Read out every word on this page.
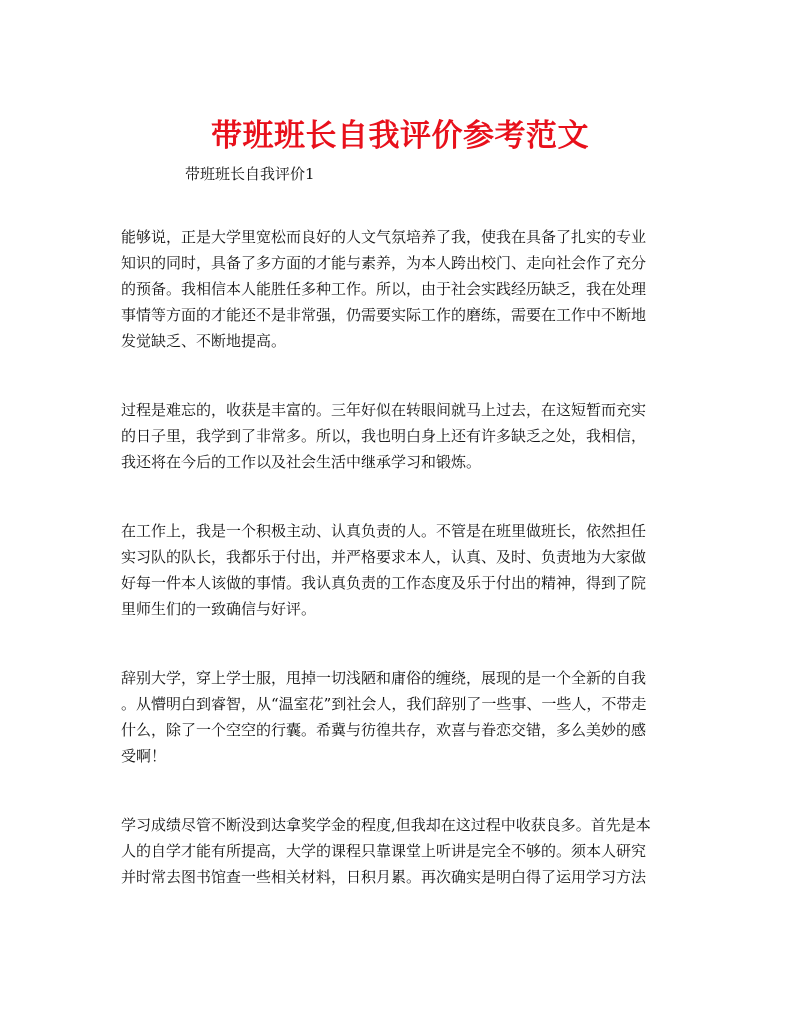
带班班长自我评价参考范文

带班班长自我评价1

能够说，正是大学里宽松而良好的人文气氛培养了我，使我在具备了扎实的专业
知识的同时，具备了多方面的才能与素养，为本人跨出校门、走向社会作了充分
的预备。我相信本人能胜任多种工作。所以，由于社会实践经历缺乏，我在处理
事情等方面的才能还不是非常强，仍需要实际工作的磨练，需要在工作中不断地
发觉缺乏、不断地提高。

过程是难忘的，收获是丰富的。三年好似在转眼间就马上过去，在这短暂而充实
的日子里，我学到了非常多。所以，我也明白身上还有许多缺乏之处，我相信，
我还将在今后的工作以及社会生活中继承学习和锻炼。

在工作上，我是一个积极主动、认真负责的人。不管是在班里做班长，依然担任
实习队的队长，我都乐于付出，并严格要求本人，认真、及时、负责地为大家做
好每一件本人该做的事情。我认真负责的工作态度及乐于付出的精神，得到了院
里师生们的一致确信与好评。

辞别大学，穿上学士服，甩掉一切浅陋和庸俗的缠绕，展现的是一个全新的自我
。从懵明白到睿智，从“温室花”到社会人，我们辞别了一些事、一些人，不带走
什么，除了一个空空的行囊。希冀与彷徨共存，欢喜与眷恋交错，多么美妙的感
受啊！

学习成绩尽管不断没到达拿奖学金的程度,但我却在这过程中收获良多。首先是本
人的自学才能有所提高，大学的课程只靠课堂上听讲是完全不够的。须本人研究
并时常去图书馆查一些相关材料，日积月累。再次确实是明白得了运用学习方法
